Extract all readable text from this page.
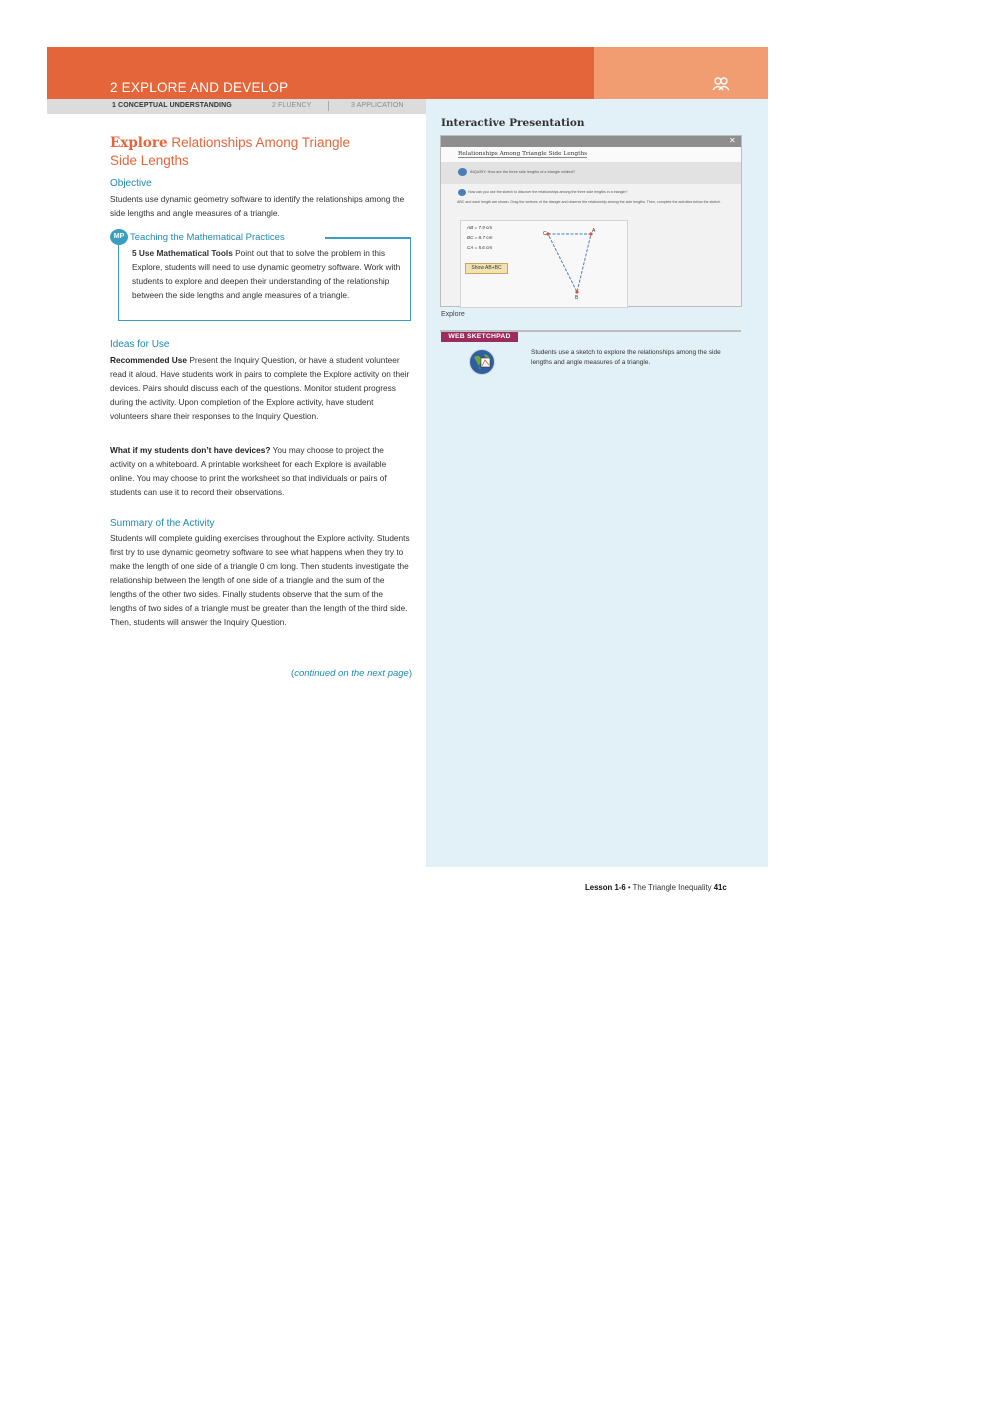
2 EXPLORE AND DEVELOP
1 CONCEPTUAL UNDERSTANDING	2 FLUENCY	3 APPLICATION
Explore Relationships Among Triangle
Side Lengths
Objective
Students use dynamic geometry software to identify the relationships among the side lengths and angle measures of a triangle.
MP Teaching the Mathematical Practices
5 Use Mathematical Tools Point out that to solve the problem in this Explore, students will need to use dynamic geometry software. Work with students to explore and deepen their understanding of the relationship between the side lengths and angle measures of a triangle.
Ideas for Use
Recommended Use Present the Inquiry Question, or have a student volunteer read it aloud. Have students work in pairs to complete the Explore activity on their devices. Pairs should discuss each of the questions. Monitor student progress during the activity. Upon completion of the Explore activity, have student volunteers share their responses to the Inquiry Question.
What if my students don’t have devices? You may choose to project the activity on a whiteboard. A printable worksheet for each Explore is available online. You may choose to print the worksheet so that individuals or pairs of students can use it to record their observations.
Summary of the Activity
Students will complete guiding exercises throughout the Explore activity. Students first try to use dynamic geometry software to see what happens when they try to make the length of one side of a triangle 0 cm long. Then students investigate the relationship between the length of one side of a triangle and the sum of the lengths of the other two sides. Finally students observe that the sum of the lengths of two sides of a triangle must be greater than the length of the third side. Then, students will answer the Inquiry Question.
(continued on the next page)
Interactive Presentation
✕
Relationships Among Triangle Side Lengths
INQUIRY: How are the three side lengths of a triangle related?
How can you use the sketch to discover the relationships among the three side lengths in a triangle?
ABC and each length are shown. Drag the vertices of the triangle and observe the relationship among the side lengths. Then, complete the activities below the sketch.
AB = 7.9 cm
BC = 8.7 cm
CA = 5.6 cm
Show AB+BC
C	A
B
Explore
WEB SKETCHPAD
Students use a sketch to explore the relationships among the side lengths and angle measures of a triangle.
Lesson 1-6 • The Triangle Inequality 41c
